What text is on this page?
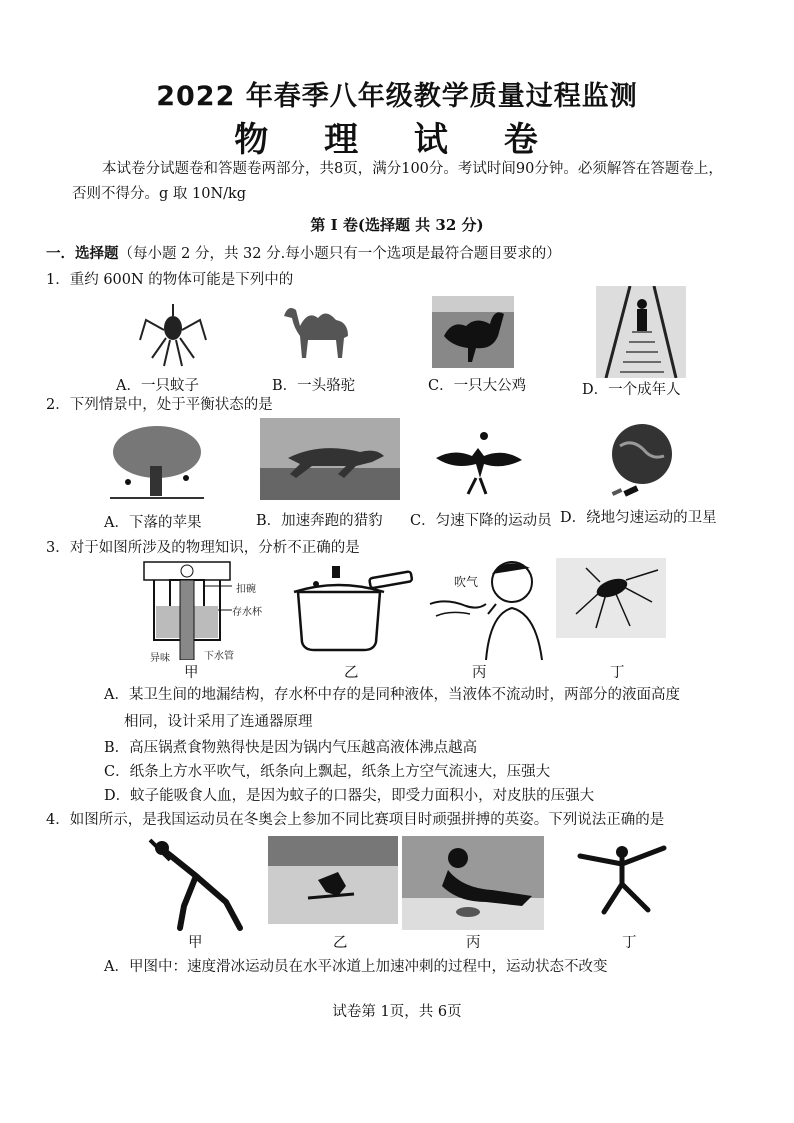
2022 年春季八年级教学质量过程监测
物 理 试 卷
本试卷分试题卷和答题卷两部分，共8页，满分100分。考试时间90分钟。必须解答在答题卷上，否则不得分。g 取 10N/kg
第 I 卷(选择题 共 32 分)
一．选择题（每小题 2 分，共 32 分.每小题只有一个选项是最符合题目要求的）
1．重约 600N 的物体可能是下列中的
A．一只蚊子	B．一头骆驼	C．一只大公鸡	D．一个成年人
2．下列情景中，处于平衡状态的是
A．下落的苹果	B．加速奔跑的猎豹 C．匀速下降的运动员 D．绕地匀速运动的卫星
3．对于如图所涉及的物理知识，分析不正确的是
扣碗
存水杯
异味	下水管
吹气
甲	乙	丙	丁
A．某卫生间的地漏结构，存水杯中存的是同种液体，当液体不流动时，两部分的液面高度
相同，设计采用了连通器原理
B．高压锅煮食物熟得快是因为锅内气压越高液体沸点越高
C．纸条上方水平吹气，纸条向上飘起，纸条上方空气流速大，压强大
D．蚊子能吸食人血，是因为蚊子的口器尖，即受力面积小，对皮肤的压强大
4．如图所示，是我国运动员在冬奥会上参加不同比赛项目时顽强拼搏的英姿。下列说法正确的是
甲	乙	丙	丁
A．甲图中：速度滑冰运动员在水平冰道上加速冲刺的过程中，运动状态不改变
试卷第 1页，共 6页
